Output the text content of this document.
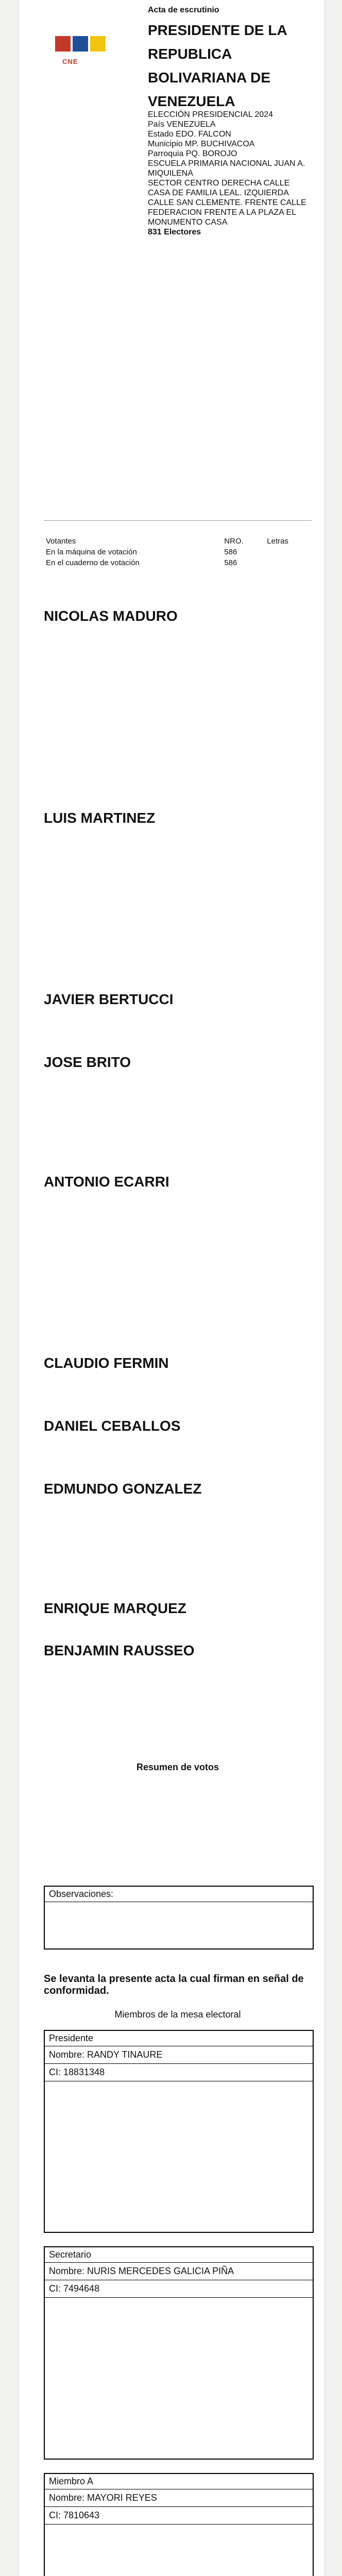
CNE
Acta de escrutinio
PRESIDENTE DE LA
REPUBLICA
BOLIVARIANA DE
VENEZUELA
ELECCIÓN PRESIDENCIAL 2024
País VENEZUELA
Estado EDO. FALCON
Municipio MP. BUCHIVACOA
Parroquia PQ. BOROJO
ESCUELA PRIMARIA NACIONAL JUAN A. MIQUILENA
SECTOR CENTRO DERECHA CALLE CASA DE FAMILIA LEAL. IZQUIERDA CALLE SAN CLEMENTE. FRENTE CALLE FEDERACION FRENTE A LA PLAZA EL MONUMENTO CASA
831 Electores
Votantes	NRO.	Letras
En la máquina de votación	586	
En el cuaderno de votación	586	
NICOLAS MADURO
LUIS MARTINEZ
JAVIER BERTUCCI
JOSE BRITO
ANTONIO ECARRI
CLAUDIO FERMIN
DANIEL CEBALLOS
EDMUNDO GONZALEZ
ENRIQUE MARQUEZ
BENJAMIN RAUSSEO
Resumen de votos
Observaciones:
Se levanta la presente acta la cual firman en señal de conformidad.
Miembros de la mesa electoral
Presidente
Nombre: RANDY TINAURE
CI: 18831348
Secretario
Nombre: NURIS MERCEDES GALICIA PIÑA
CI: 7494648
Miembro A
Nombre: MAYORI REYES
CI: 7810643
